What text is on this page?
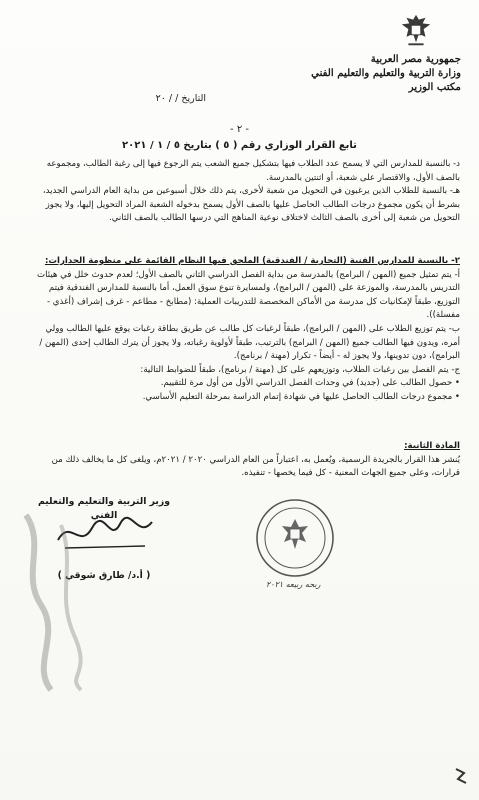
جمهورية مصر العربية
وزارة التربية والتعليم والتعليم الفني
مكتب الوزير
التاريخ / / ٢٠
- ٢ -
تابع القرار الوزاري رقم ( ٥ ) بتاريخ ٥ / ١ / ٢٠٢١

د- بالنسبة للمدارس التي لا يسمح عدد الطلاب فيها بتشكيل جميع الشعب يتم الرجوع فيها إلى رغبة الطالب، ومجموعه بالصف الأول، والاقتصار على شعبة، أو اثنتين بالمدرسة.

هـ- بالنسبة للطلاب الذين يرغبون في التحويل من شعبة لأخرى، يتم ذلك خلال أسبوعين من بداية العام الدراسي الجديد، بشرط أن يكون مجموع درجات الطالب الحاصل عليها بالصف الأول يسمح بدخوله الشعبة المراد التحويل إليها، ولا يجوز التحويل من شعبة إلى أخرى بالصف الثالث لاختلاف نوعية المناهج التي درسها الطالب بالصف الثاني.

٢- بالنسبة للمدارس الفنية (التجارية / الفندقية) الملحق فيها النظام القائمة على منظومة الجدارات:

أ- يتم تمثيل جميع (المهن / البرامج) بالمدرسة من بداية الفصل الدراسي الثاني بالصف الأول؛ لعدم حدوث خلل في هيئات التدريس بالمدرسة، والموزعة على (المهن / البرامج)، ولمسايرة تنوع سوق العمل، أما بالنسبة للمدارس الفندقية فيتم التوزيع، طبقاً لإمكانيات كل مدرسة من الأماكن المخصصة للتدريبات العملية: (مطابخ - مطاعم - غرف إشراف (أغذي - مفسلة)).

ب- يتم توزيع الطلاب على (المهن / البرامج)، طبقاً لرغبات كل طالب عن طريق بطاقة رغبات يوقع عليها الطالب وولي أمره، ويدون فيها الطالب جميع (المهن / البرامج) بالترتيب، طبقاً لأولوية رغباته، ولا يجوز أن يترك الطالب إحدى (المهن / البرامج)، دون تدوينها، ولا يجوز له - أيضاً - تكرار (مهنة / برنامج).

ج- يتم الفصل بين رغبات الطلاب، وتوزيعهم على كل (مهنة / برنامج)، طبقاً للضوابط التالية:

• حصول الطالب على (جديد) في وحدات الفصل الدراسي الأول من أول مرة للتقييم.

• مجموع درجات الطالب الحاصل عليها في شهادة إتمام الدراسة بمرحلة التعليم الأساسي.

المادة الثانية:

يُنشر هذا القرار بالجريدة الرسمية، ويُعمل به، اعتباراً من العام الدراسي ٢٠٢٠ / ٢٠٢١م، ويلغى كل ما يخالف ذلك من قرارات، وعلى جميع الجهات المعنية - كل فيما يخصها - تنفيذه.

وزير التربية والتعليم والتعليم الفني
( أ.د/ طارق شوقي )
ربحه ربيعه ٢٠٢١
